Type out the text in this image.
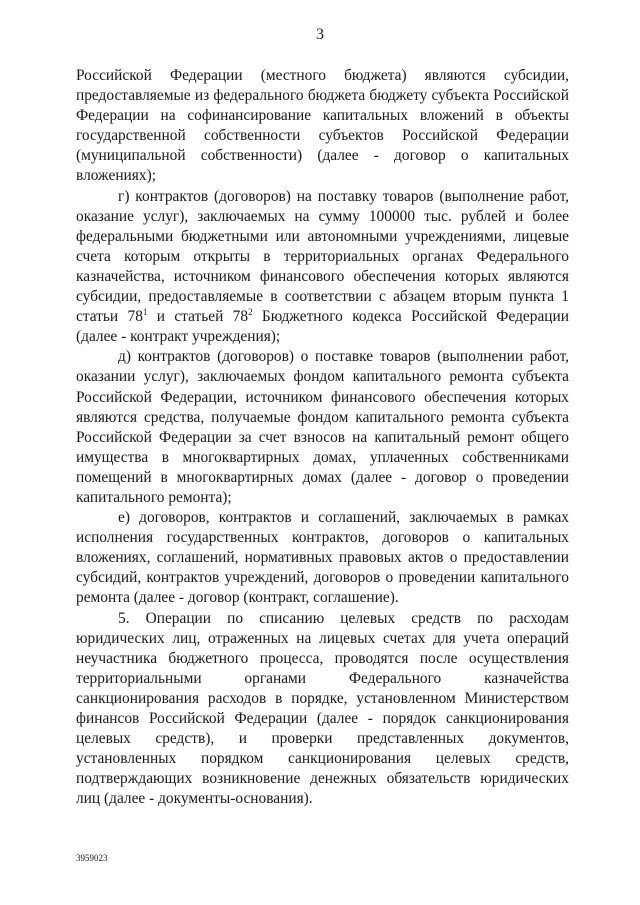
3

Российской Федерации (местного бюджета) являются субсидии, предоставляемые из федерального бюджета бюджету субъекта Российской Федерации на софинансирование капитальных вложений в объекты государственной собственности субъектов Российской Федерации (муниципальной собственности) (далее - договор о капитальных вложениях);

г) контрактов (договоров) на поставку товаров (выполнение работ, оказание услуг), заключаемых на сумму 100000 тыс. рублей и более федеральными бюджетными или автономными учреждениями, лицевые счета которым открыты в территориальных органах Федерального казначейства, источником финансового обеспечения которых являются субсидии, предоставляемые в соответствии с абзацем вторым пункта 1 статьи $78^1$ и статьей $78^2$ Бюджетного кодекса Российской Федерации (далее - контракт учреждения);

д) контрактов (договоров) о поставке товаров (выполнении работ, оказании услуг), заключаемых фондом капитального ремонта субъекта Российской Федерации, источником финансового обеспечения которых являются средства, получаемые фондом капитального ремонта субъекта Российской Федерации за счет взносов на капитальный ремонт общего имущества в многоквартирных домах, уплаченных собственниками помещений в многоквартирных домах (далее - договор о проведении капитального ремонта);

е) договоров, контрактов и соглашений, заключаемых в рамках исполнения государственных контрактов, договоров о капитальных вложениях, соглашений, нормативных правовых актов о предоставлении субсидий, контрактов учреждений, договоров о проведении капитального ремонта (далее - договор (контракт, соглашение).

5. Операции по списанию целевых средств по расходам юридических лиц, отраженных на лицевых счетах для учета операций неучастника бюджетного процесса, проводятся после осуществления территориальными органами Федерального казначейства санкционирования расходов в порядке, установленном Министерством финансов Российской Федерации (далее - порядок санкционирования целевых средств), и проверки представленных документов, установленных порядком санкционирования целевых средств, подтверждающих возникновение денежных обязательств юридических лиц (далее - документы-основания).

3959023
